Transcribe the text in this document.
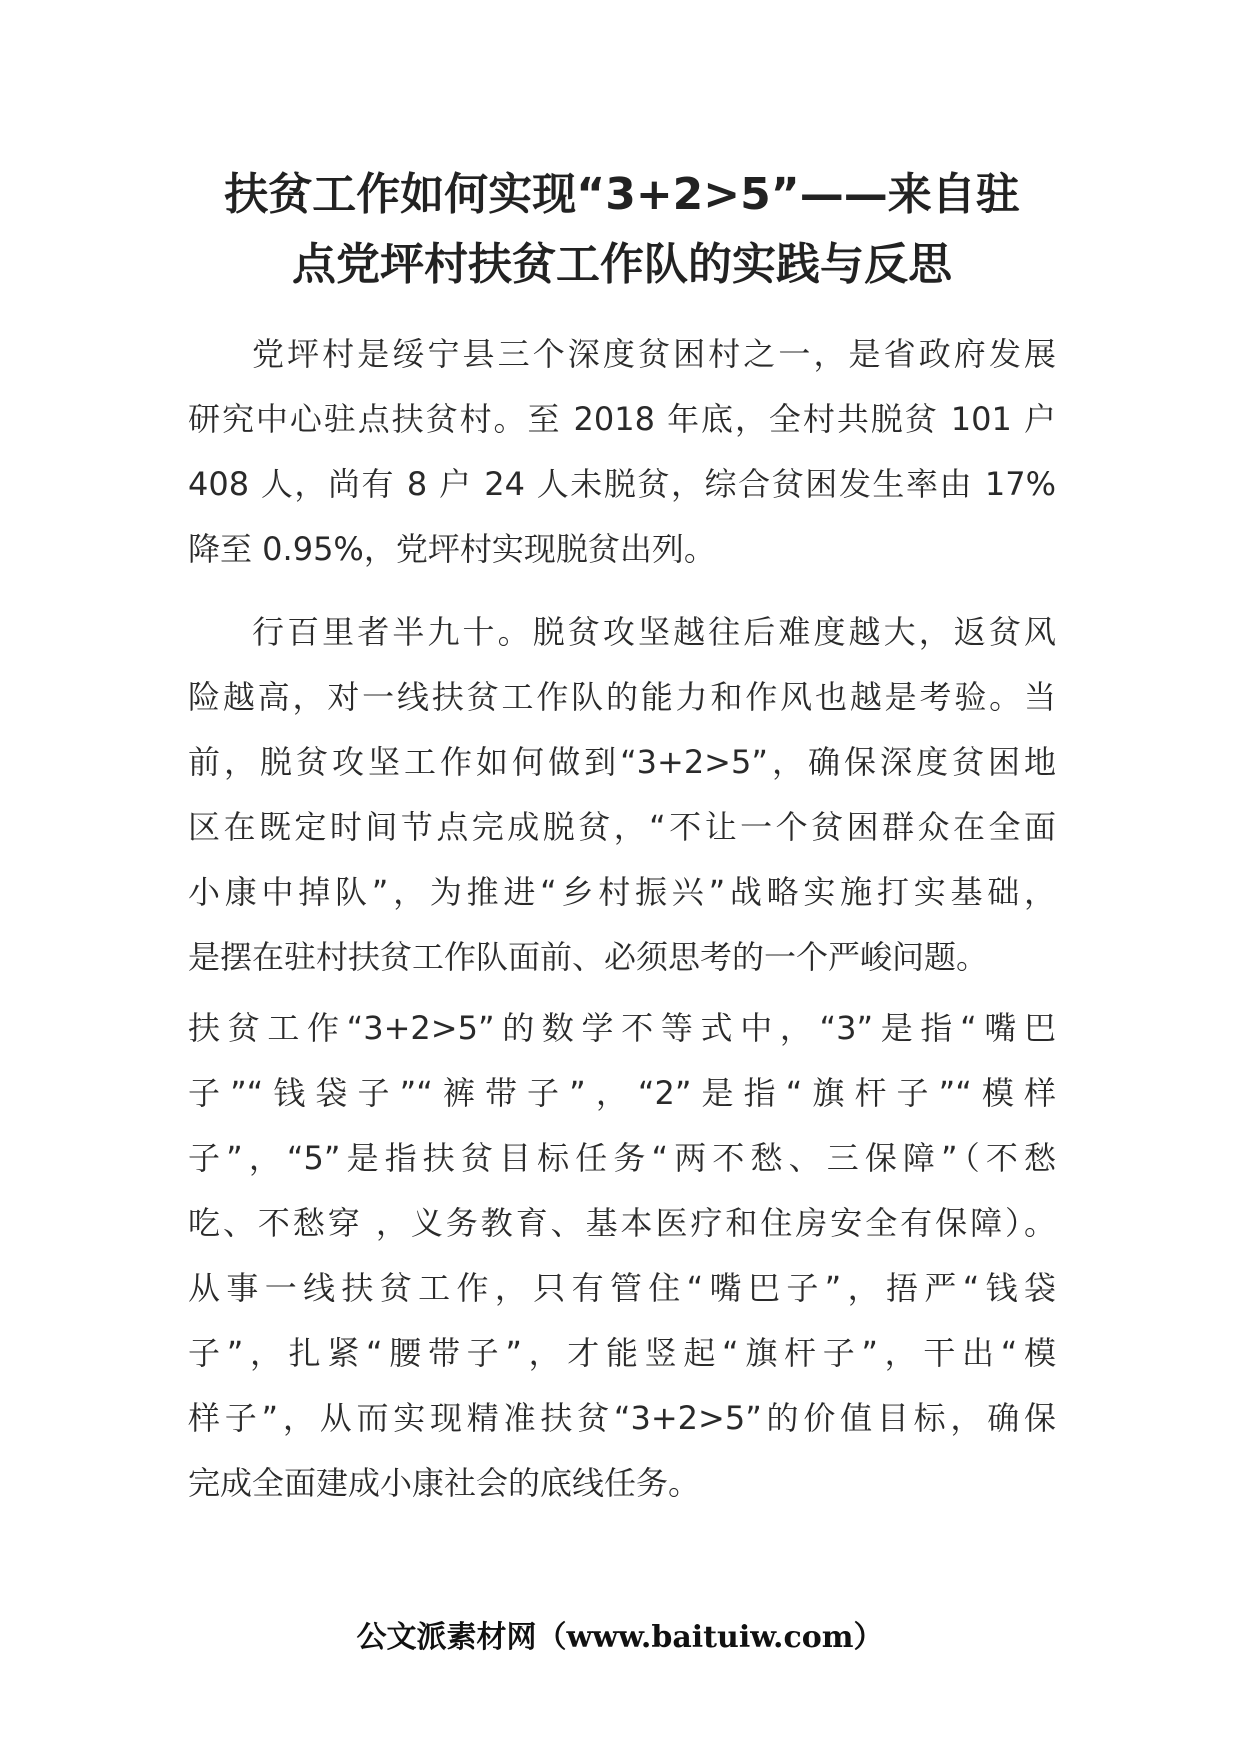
扶贫工作如何实现“3+2>5”——来自驻
点党坪村扶贫工作队的实践与反思

党坪村是绥宁县三个深度贫困村之一，是省政府发展
研究中心驻点扶贫村。至 2018 年底，全村共脱贫 101 户
408 人，尚有 8 户 24 人未脱贫，综合贫困发生率由 17%
降至 0.95%，党坪村实现脱贫出列。

行百里者半九十。脱贫攻坚越往后难度越大，返贫风
险越高，对一线扶贫工作队的能力和作风也越是考验。当
前，脱贫攻坚工作如何做到“3+2>5”，确保深度贫困地
区在既定时间节点完成脱贫，“不让一个贫困群众在全面
小康中掉队”，为推进“乡村振兴”战略实施打实基础，
是摆在驻村扶贫工作队面前、必须思考的一个严峻问题。

扶贫工作“3+2>5”的数学不等式中，“3”是指“嘴巴
子”“钱袋子”“裤带子”，“2”是指“旗杆子”“模样
子”，“5”是指扶贫目标任务“两不愁、三保障”（不愁
吃、不愁穿 ，义务教育、基本医疗和住房安全有保障）。
从事一线扶贫工作，只有管住“嘴巴子”，捂严“钱袋
子”，扎紧“腰带子”，才能竖起“旗杆子”，干出“模
样子”，从而实现精准扶贫“3+2>5”的价值目标，确保
完成全面建成小康社会的底线任务。

公文派素材网（www.baituiw.com）
